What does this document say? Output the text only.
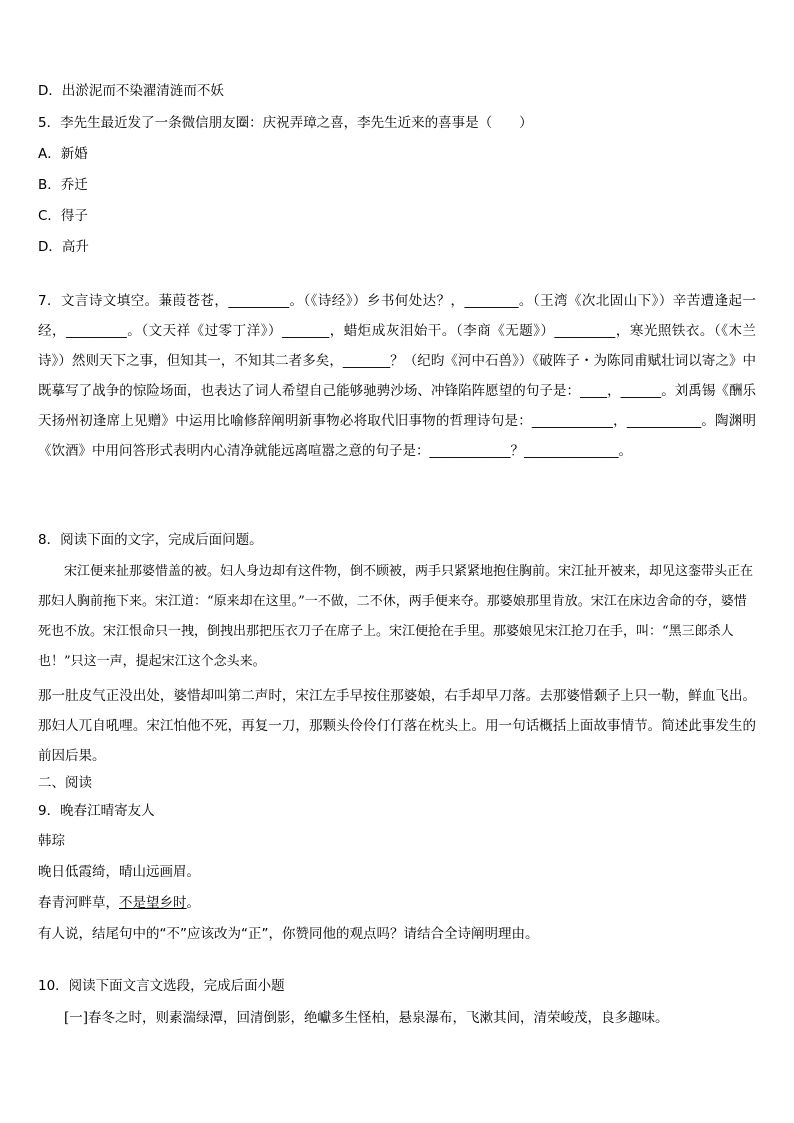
D．出淤泥而不染濯清涟而不妖
5．李先生最近发了一条微信朋友圈：庆祝弄璋之喜，李先生近来的喜事是（　　）
A．新婚
B．乔迁
C．得子
D．高升
7．文言诗文填空。蒹葭苍苍，_________。（《诗经》）乡书何处达？，________。（王湾《次北固山下》）辛苦遭逢起一经，_________。（文天祥《过零丁洋》）_______，蜡炬成灰泪始干。（李商《无题》）_________，寒光照铁衣。（《木兰诗》）然则天下之事，但知其一，不知其二者多矣，_______？（纪昀《河中石兽》）《破阵子・为陈同甫赋壮词以寄之》中既摹写了战争的惊险场面，也表达了词人希望自己能够驰骋沙场、冲锋陷阵愿望的句子是：____，______。刘禹锡《酬乐天扬州初逢席上见赠》中运用比喻修辞阐明新事物必将取代旧事物的哲理诗句是：____________，___________。陶渊明《饮酒》中用问答形式表明内心清净就能远离喧嚣之意的句子是：____________？______________。
8．阅读下面的文字，完成后面问题。
宋江便来扯那婆惜盖的被。妇人身边却有这件物，倒不顾被，两手只紧紧地抱住胸前。宋江扯开被来，却见这銮带头正在那妇人胸前拖下来。宋江道：“原来却在这里。”一不做，二不休，两手便来夺。那婆娘那里肯放。宋江在床边舍命的夺，婆惜死也不放。宋江恨命只一拽，倒拽出那把压衣刀子在席子上。宋江便抢在手里。那婆娘见宋江抢刀在手，叫：“黑三郎杀人也！”只这一声，提起宋江这个念头来。
那一肚皮气正没出处，婆惜却叫第二声时，宋江左手早按住那婆娘，右手却早刀落。去那婆惜颡子上只一勒，鲜血飞出。那妇人兀自吼哩。宋江怕他不死，再复一刀，那颗头伶伶仃仃落在枕头上。用一句话概括上面故事情节。简述此事发生的前因后果。
二、阅读
9．晚春江晴寄友人
韩琮
晚日低霞绮，晴山远画眉。
春青河畔草，不是望乡时。
有人说，结尾句中的“不”应该改为“正”，你赞同他的观点吗？请结合全诗阐明理由。
10．阅读下面文言文选段，完成后面小题
[一]春冬之时，则素湍绿潭，回清倒影，绝巘多生怪柏，悬泉瀑布，飞漱其间，清荣峻茂，良多趣味。
